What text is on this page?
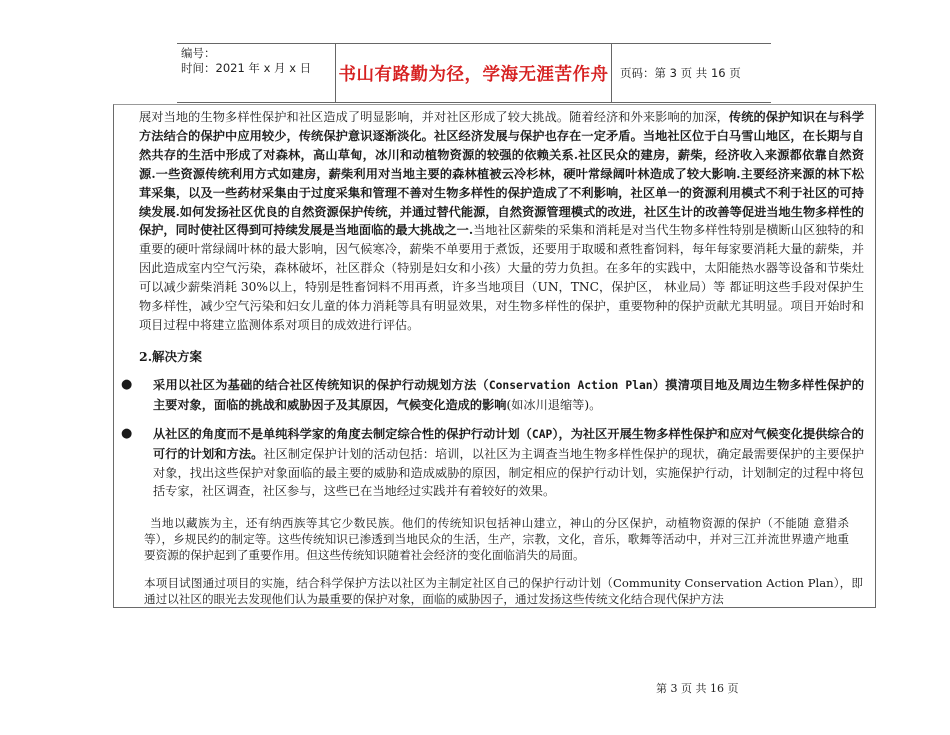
编号：
时间：2021 年 x 月 x 日	书山有路勤为径，学海无涯苦作舟	页码：第 3 页 共 16 页

展对当地的生物多样性保护和社区造成了明显影响，并对社区形成了较大挑战。随着经济和外来影响的加深，传统的保护知识在与科学方法结合的保护中应用较少，传统保护意识逐渐淡化。社区经济发展与保护也存在一定矛盾。当地社区位于白马雪山地区，在长期与自然共存的生活中形成了对森林，高山草甸，冰川和动植物资源的较强的依赖关系.社区民众的建房，薪柴，经济收入来源都依靠自然资源.一些资源传统利用方式如建房，薪柴利用对当地主要的森林植被云冷杉林，硬叶常绿阔叶林造成了较大影响.主要经济来源的林下松茸采集，以及一些药材采集由于过度采集和管理不善对生物多样性的保护造成了不利影响，社区单一的资源利用模式不利于社区的可持续发展.如何发扬社区优良的自然资源保护传统，并通过替代能源，自然资源管理模式的改进，社区生计的改善等促进当地生物多样性的保护，同时使社区得到可持续发展是当地面临的最大挑战之一.当地社区薪柴的采集和消耗是对当代生物多样性特别是横断山区独特的和重要的硬叶常绿阔叶林的最大影响，因气候寒冷，薪柴不单要用于煮饭，还要用于取暖和煮牲畜饲料，每年每家要消耗大量的薪柴，并因此造成室内空气污染，森林破坏，社区群众（特别是妇女和小孩）大量的劳力负担。在多年的实践中，太阳能热水器等设备和节柴灶可以减少薪柴消耗 30%以上，特别是牲畜饲料不用再煮，许多当地项目（UN，TNC，保护区， 林业局）等 都证明这些手段对保护生物多样性，减少空气污染和妇女儿童的体力消耗等具有明显效果，对生物多样性的保护，重要物种的保护贡献尤其明显。项目开始时和项目过程中将建立监测体系对项目的成效进行评估。

2.解决方案
● 采用以社区为基础的结合社区传统知识的保护行动规划方法（Conservation Action Plan）摸清项目地及周边生物多样性保护的主要对象，面临的挑战和威胁因子及其原因，气候变化造成的影响(如冰川退缩等)。
● 从社区的角度而不是单纯科学家的角度去制定综合性的保护行动计划（CAP），为社区开展生物多样性保护和应对气候变化提供综合的可行的计划和方法。社区制定保护计划的活动包括：培训，以社区为主调查当地生物多样性保护的现状，确定最需要保护的主要保护对象，找出这些保护对象面临的最主要的威胁和造成威胁的原因，制定相应的保护行动计划，实施保护行动，计划制定的过程中将包括专家，社区调查，社区参与，这些已在当地经过实践并有着较好的效果。

当地以藏族为主，还有纳西族等其它少数民族。他们的传统知识包括神山建立，神山的分区保护，动植物资源的保护（不能随 意猎杀等），乡规民约的制定等。这些传统知识已渗透到当地民众的生活，生产，宗教，文化，音乐，歌舞等活动中，并对三江并流世界遗产地重要资源的保护起到了重要作用。但这些传统知识随着社会经济的变化面临消失的局面。

本项目试图通过项目的实施，结合科学保护方法以社区为主制定社区自己的保护行动计划（Community Conservation Action Plan），即通过以社区的眼光去发现他们认为最重要的保护对象，面临的威胁因子，通过发扬这些传统文化结合现代保护方法

第 3 页 共 16 页
